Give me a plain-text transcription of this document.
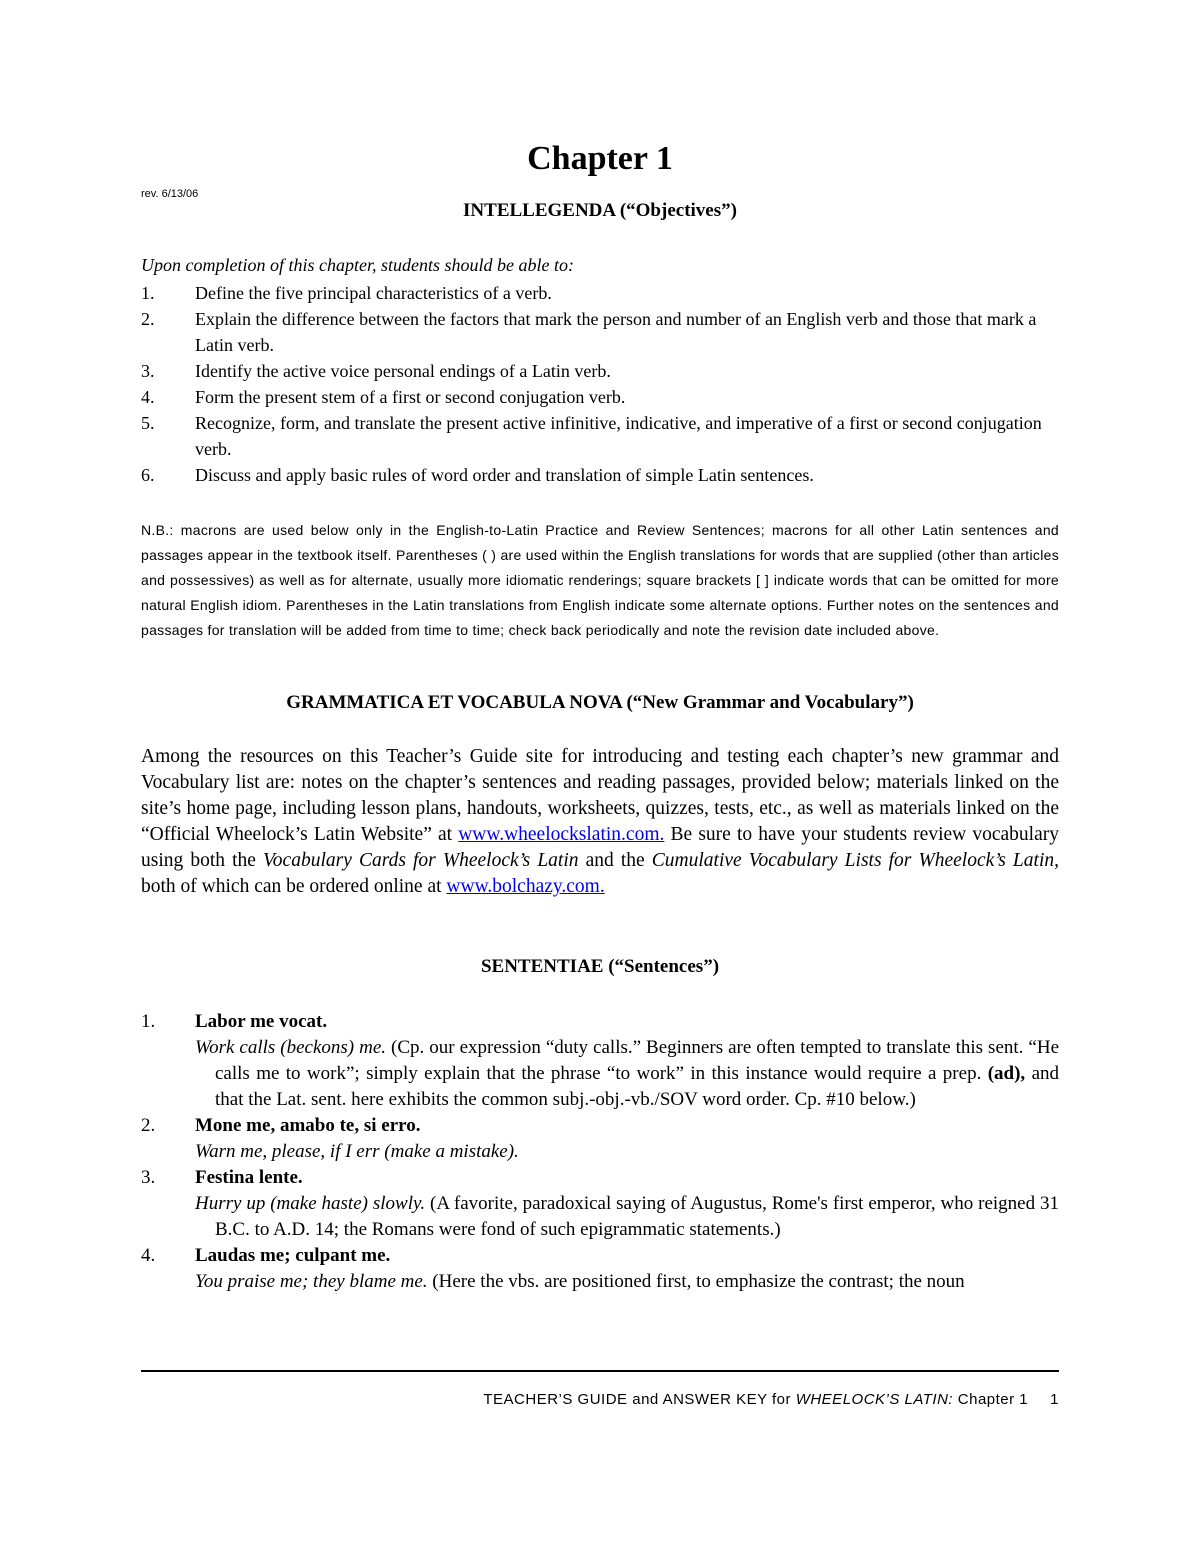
Chapter 1
rev. 6/13/06
INTELLEGENDA (“Objectives”)
Upon completion of this chapter, students should be able to:
1.	Define the five principal characteristics of a verb.
2.	Explain the difference between the factors that mark the person and number of an English verb and those that mark a Latin verb.
3.	Identify the active voice personal endings of a Latin verb.
4.	Form the present stem of a first or second conjugation verb.
5.	Recognize, form, and translate the present active infinitive, indicative, and imperative of a first or second conjugation verb.
6.	Discuss and apply basic rules of word order and translation of simple Latin sentences.
N.B.: macrons are used below only in the English-to-Latin Practice and Review Sentences; macrons for all other Latin sentences and passages appear in the textbook itself. Parentheses ( ) are used within the English translations for words that are supplied (other than articles and possessives) as well as for alternate, usually more idiomatic renderings; square brackets [ ] indicate words that can be omitted for more natural English idiom. Parentheses in the Latin translations from English indicate some alternate options. Further notes on the sentences and passages for translation will be added from time to time; check back periodically and note the revision date included above.
GRAMMATICA ET VOCABULA NOVA (“New Grammar and Vocabulary”)
Among the resources on this Teacher’s Guide site for introducing and testing each chapter’s new grammar and Vocabulary list are: notes on the chapter’s sentences and reading passages, provided below; materials linked on the site’s home page, including lesson plans, handouts, worksheets, quizzes, tests, etc., as well as materials linked on the “Official Wheelock’s Latin Website” at www.wheelockslatin.com. Be sure to have your students review vocabulary using both the Vocabulary Cards for Wheelock’s Latin and the Cumulative Vocabulary Lists for Wheelock’s Latin, both of which can be ordered online at www.bolchazy.com.
SENTENTIAE (“Sentences”)
1.	Labor me vocat.
Work calls (beckons) me. (Cp. our expression “duty calls.” Beginners are often tempted to translate this sent. “He calls me to work”; simply explain that the phrase “to work” in this instance would require a prep. (ad), and that the Lat. sent. here exhibits the common subj.-obj.-vb./SOV word order. Cp. #10 below.)
2.	Mone me, amabo te, si erro.
Warn me, please, if I err (make a mistake).
3.	Festina lente.
Hurry up (make haste) slowly. (A favorite, paradoxical saying of Augustus, Rome's first emperor, who reigned 31 B.C. to A.D. 14; the Romans were fond of such epigrammatic statements.)
4.	Laudas me; culpant me.
You praise me; they blame me. (Here the vbs. are positioned first, to emphasize the contrast; the noun
TEACHER’S GUIDE and ANSWER KEY for WHEELOCK’S LATIN: Chapter 1 1
